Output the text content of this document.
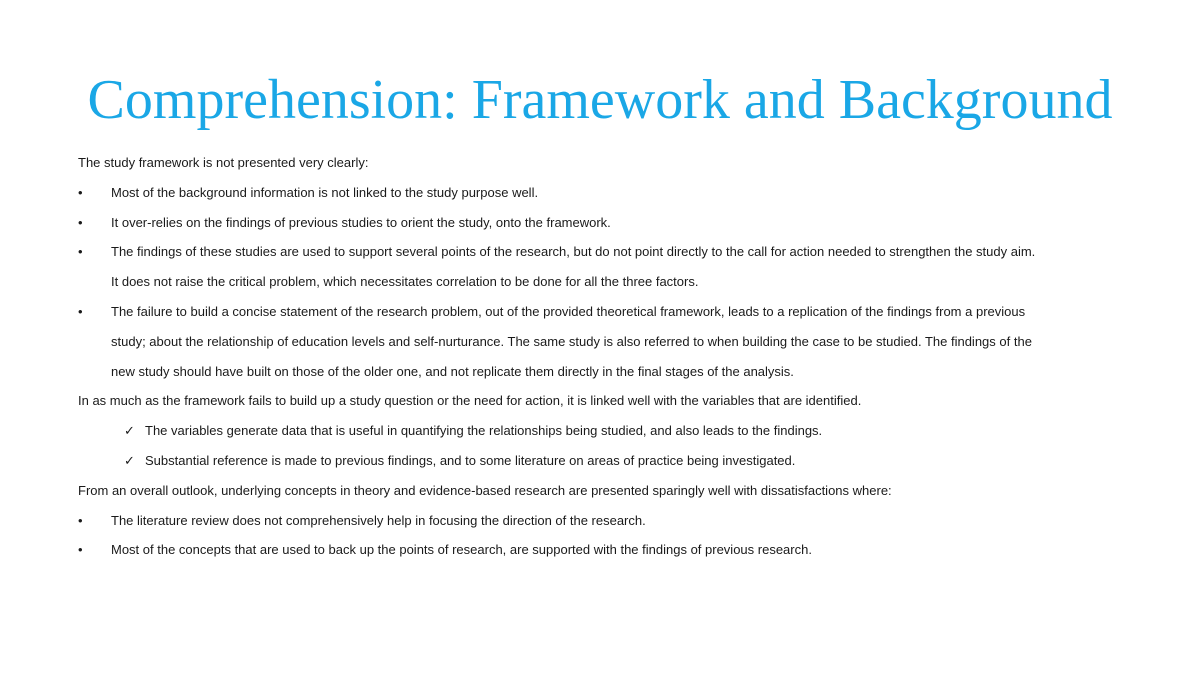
Comprehension: Framework and Background

The study framework is not presented very clearly:

•	Most of the background information is not linked to the study purpose well.
•	It over-relies on the findings of previous studies to orient the study, onto the framework.
•	The findings of these studies are used to support several points of the research, but do not point directly to the call for action needed to strengthen the study aim.
It does not raise the critical problem, which necessitates correlation to be done for all the three factors.
•	The failure to build a concise statement of the research problem, out of the provided theoretical framework, leads to a replication of the findings from a previous
study; about the relationship of education levels and self-nurturance. The same study is also referred to when building the case to be studied. The findings of the
new study should have built on those of the older one, and not replicate them directly in the final stages of the analysis.

In as much as the framework fails to build up a study question or the need for action, it is linked well with the variables that are identified.

✓ The variables generate data that is useful in quantifying the relationships being studied, and also leads to the findings.
✓ Substantial reference is made to previous findings, and to some literature on areas of practice being investigated.

From an overall outlook, underlying concepts in theory and evidence-based research are presented sparingly well with dissatisfactions where:

•	The literature review does not comprehensively help in focusing the direction of the research.
•	Most of the concepts that are used to back up the points of research, are supported with the findings of previous research.
